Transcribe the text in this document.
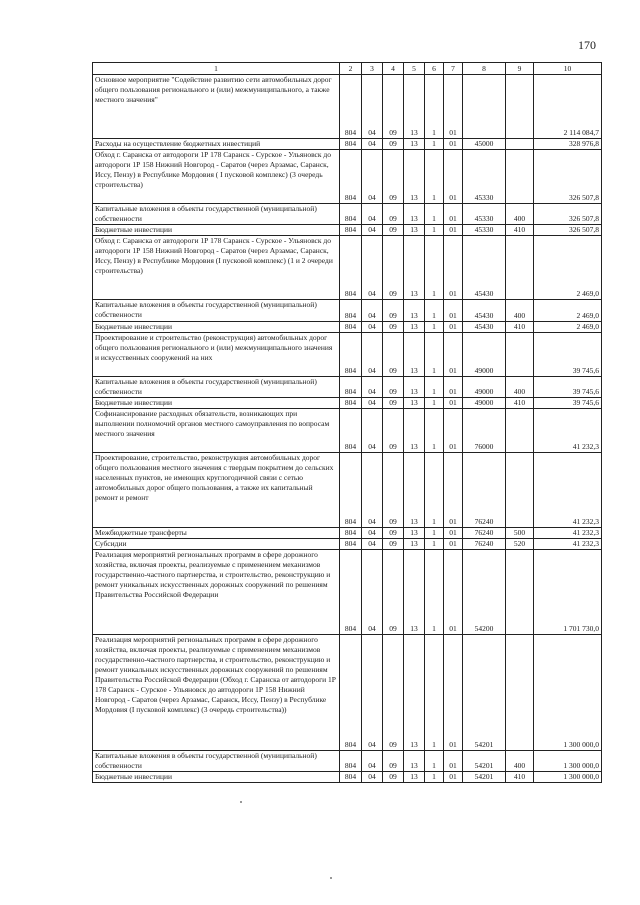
170
1	2	3	4	5	6	7	8	9	10
Основное мероприятие "Содействие развитию сети автомобильных дорог общего пользования регионального и (или) межмуниципального, а также местного значения"	804	04	09	13	1	01			2 114 084,7
Расходы на осуществление бюджетных инвестиций	804	04	09	13	1	01	45000		328 976,8
Обход г. Саранска от автодороги 1Р 178 Саранск - Сурское - Ульяновск до автодороги 1Р 158 Нижний Новгород - Саратов (через Арзамас, Саранск, Иссу, Пензу) в Республике Мордовия ( I пусковой комплекс) (3 очередь строительства)	804	04	09	13	1	01	45330		326 507,8
Капитальные вложения в объекты государственной (муниципальной) собственности	804	04	09	13	1	01	45330	400	326 507,8
Бюджетные инвестиции	804	04	09	13	1	01	45330	410	326 507,8
Обход г. Саранска от автодороги 1Р 178 Саранск - Сурское - Ульяновск до автодороги 1Р 158 Нижний Новгород - Саратов (через Арзамас, Саранск, Иссу, Пензу) в Республике Мордовия (I пусковой комплекс) (1 и 2 очереди строительства)	804	04	09	13	1	01	45430		2 469,0
Капитальные вложения в объекты государственной (муниципальной) собственности	804	04	09	13	1	01	45430	400	2 469,0
Бюджетные инвестиции	804	04	09	13	1	01	45430	410	2 469,0
Проектирование и строительство (реконструкция) автомобильных дорог общего пользования регионального и (или) межмуниципального значения и искусственных сооружений на них	804	04	09	13	1	01	49000		39 745,6
Капитальные вложения в объекты государственной (муниципальной) собственности	804	04	09	13	1	01	49000	400	39 745,6
Бюджетные инвестиции	804	04	09	13	1	01	49000	410	39 745,6
Софинансирование расходных обязательств, возникающих при выполнении полномочий органов местного самоуправления по вопросам местного значения	804	04	09	13	1	01	76000		41 232,3
Проектирование, строительство, реконструкция автомобильных дорог общего пользования местного значения с твердым покрытием до сельских населенных пунктов, не имеющих круглогодичной связи с сетью автомобильных дорог общего пользования, а также их капитальный ремонт и ремонт	804	04	09	13	1	01	76240		41 232,3
Межбюджетные трансферты	804	04	09	13	1	01	76240	500	41 232,3
Субсидии	804	04	09	13	1	01	76240	520	41 232,3
Реализация мероприятий региональных программ в сфере дорожного хозяйства, включая проекты, реализуемые с применением механизмов государственно-частного партнерства, и строительство, реконструкцию и ремонт уникальных искусственных дорожных сооружений по решениям Правительства Российской Федерации	804	04	09	13	1	01	54200		1 701 730,0
Реализация мероприятий региональных программ в сфере дорожного хозяйства, включая проекты, реализуемые с применением механизмов государственно-частного партнерства, и строительство, реконструкцию и ремонт уникальных искусственных дорожных сооружений по решениям Правительства Российской Федерации (Обход г. Саранска от автодороги 1Р 178 Саранск - Сурское - Ульяновск до автодороги 1Р 158 Нижний Новгород - Саратов (через Арзамас, Саранск, Иссу, Пензу) в Республике Мордовия (I пусковой комплекс) (3 очередь строительства))	804	04	09	13	1	01	54201		1 300 000,0
Капитальные вложения в объекты государственной (муниципальной) собственности	804	04	09	13	1	01	54201	400	1 300 000,0
Бюджетные инвестиции	804	04	09	13	1	01	54201	410	1 300 000,0
